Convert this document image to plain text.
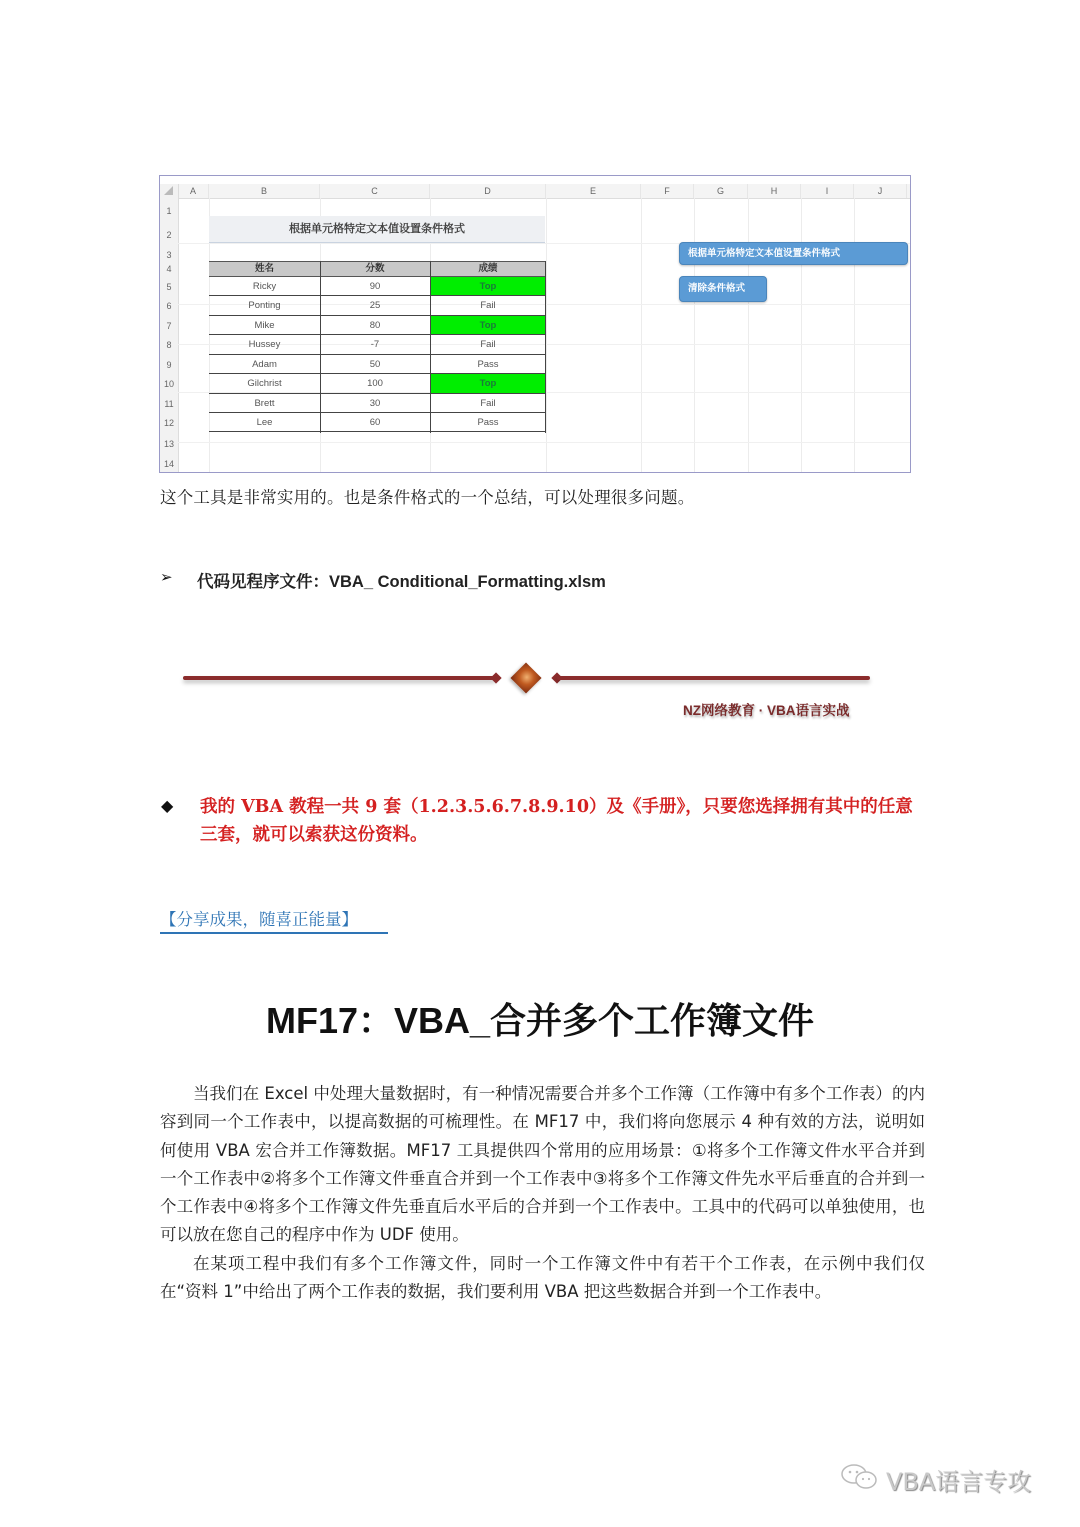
A	B	C	D	E	F	G	H	I	J
1
2
3
4
5
6
7
8
9
10
11
12
13
14
根据单元格特定文本值设置条件格式
姓名	分数	成绩
Ricky	90	Top
Ponting	25	Fail
Mike	80	Top
Hussey	-7	Fail
Adam	50	Pass
Gilchrist	100	Top
Brett	30	Fail
Lee	60	Pass
根据单元格特定文本值设置条件格式
清除条件格式
这个工具是非常实用的。也是条件格式的一个总结，可以处理很多问题。
➢ 代码见程序文件：VBA_ Conditional_Formatting.xlsm
NZ网络教育 · VBA语言实战
◆ 我的 VBA 教程一共 9 套（1.2.3.5.6.7.8.9.10）及《手册》，只要您选择拥有其中的任意三套，就可以索获这份资料。
【分享成果，随喜正能量】
MF17：VBA_合并多个工作簿文件

当我们在 Excel 中处理大量数据时，有一种情况需要合并多个工作簿（工作簿中有多个工作表）的内容到同一个工作表中，以提高数据的可梳理性。在 MF17 中，我们将向您展示 4 种有效的方法，说明如何使用 VBA 宏合并工作簿数据。MF17 工具提供四个常用的应用场景：①将多个工作簿文件水平合并到一个工作表中②将多个工作簿文件垂直合并到一个工作表中③将多个工作簿文件先水平后垂直的合并到一个工作表中④将多个工作簿文件先垂直后水平后的合并到一个工作表中。工具中的代码可以单独使用，也可以放在您自己的程序中作为 UDF 使用。

在某项工程中我们有多个工作簿文件，同时一个工作簿文件中有若干个工作表，在示例中我们仅在“资料 1”中给出了两个工作表的数据，我们要利用 VBA 把这些数据合并到一个工作表中。

VBA语言专攻
